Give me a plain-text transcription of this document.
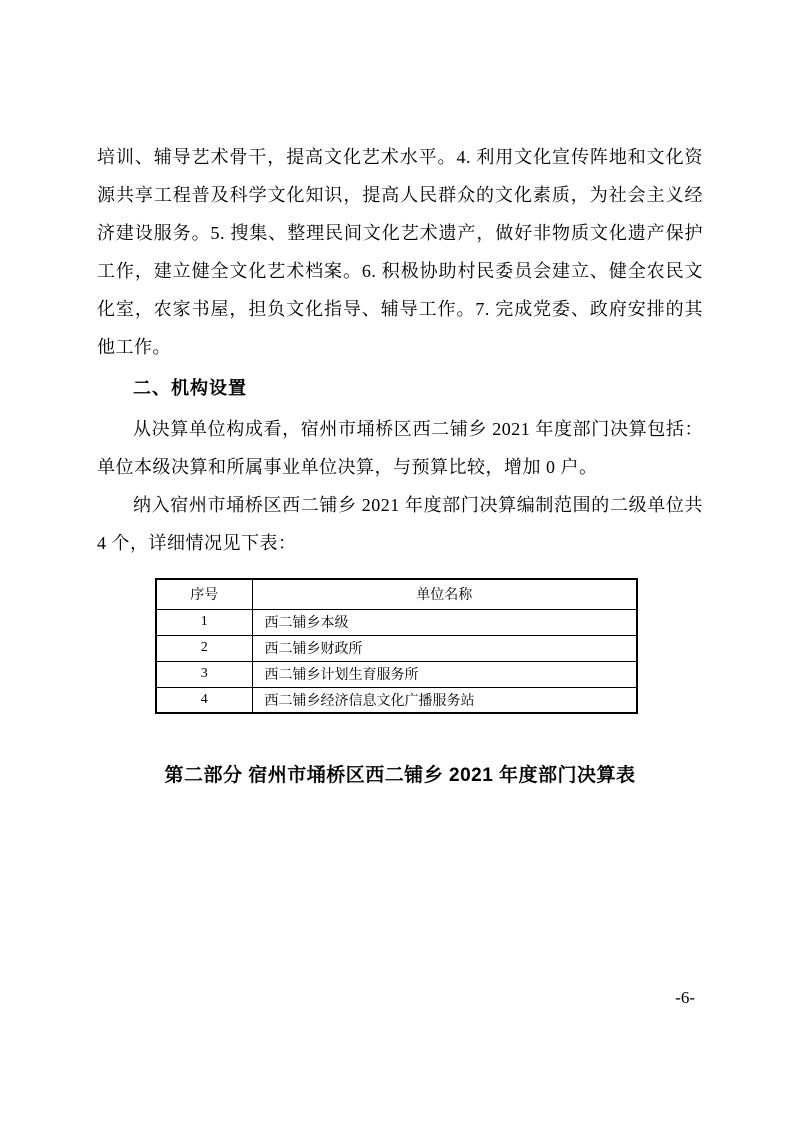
培训、辅导艺术骨干，提高文化艺术水平。4. 利用文化宣传阵地和文化资源共享工程普及科学文化知识，提高人民群众的文化素质，为社会主义经济建设服务。5. 搜集、整理民间文化艺术遗产，做好非物质文化遗产保护工作，建立健全文化艺术档案。6. 积极协助村民委员会建立、健全农民文化室，农家书屋，担负文化指导、辅导工作。7. 完成党委、政府安排的其他工作。

二、机构设置

从决算单位构成看，宿州市埇桥区西二铺乡 2021 年度部门决算包括：单位本级决算和所属事业单位决算，与预算比较，增加 0 户。

纳入宿州市埇桥区西二铺乡 2021 年度部门决算编制范围的二级单位共 4 个，详细情况见下表：

序号	单位名称
1	西二铺乡本级
2	西二铺乡财政所
3	西二铺乡计划生育服务所
4	西二铺乡经济信息文化广播服务站
第二部分 宿州市埇桥区西二铺乡 2021 年度部门决算表
-6-
